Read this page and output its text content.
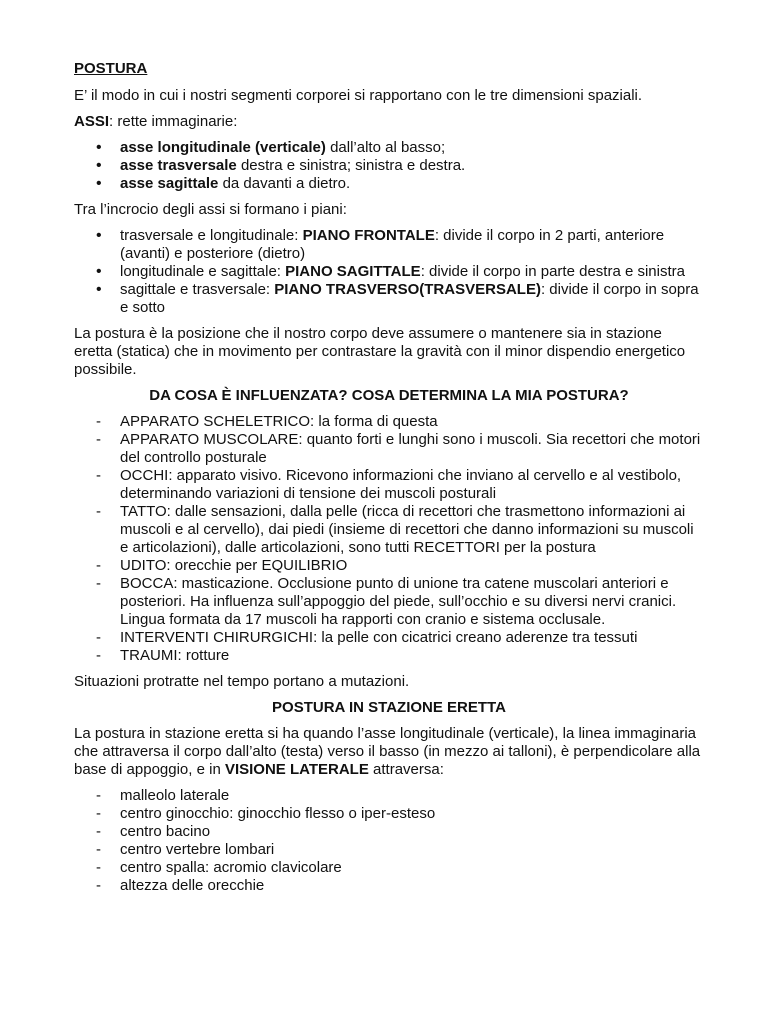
POSTURA

E’ il modo in cui i nostri segmenti corporei si rapportano con le tre dimensioni spaziali.

ASSI: rette immaginarie:

• asse longitudinale (verticale) dall’alto al basso;
• asse trasversale destra e sinistra; sinistra e destra.
• asse sagittale da davanti a dietro.

Tra l’incrocio degli assi si formano i piani:

• trasversale e longitudinale: PIANO FRONTALE: divide il corpo in 2 parti, anteriore (avanti) e posteriore (dietro)
• longitudinale e sagittale: PIANO SAGITTALE: divide il corpo in parte destra e sinistra
• sagittale e trasversale: PIANO TRASVERSO(TRASVERSALE): divide il corpo in sopra e sotto

La postura è la posizione che il nostro corpo deve assumere o mantenere sia in stazione eretta (statica) che in movimento per contrastare la gravità con il minor dispendio energetico possibile.

DA COSA È INFLUENZATA? COSA DETERMINA LA MIA POSTURA?
- APPARATO SCHELETRICO: la forma di questa
- APPARATO MUSCOLARE: quanto forti e lunghi sono i muscoli. Sia recettori che motori del controllo posturale
- OCCHI: apparato visivo. Ricevono informazioni che inviano al cervello e al vestibolo, determinando variazioni di tensione dei muscoli posturali
- TATTO: dalle sensazioni, dalla pelle (ricca di recettori che trasmettono informazioni ai muscoli e al cervello), dai piedi (insieme di recettori che danno informazioni su muscoli e articolazioni), dalle articolazioni, sono tutti RECETTORI per la postura
- UDITO: orecchie per EQUILIBRIO
- BOCCA: masticazione. Occlusione punto di unione tra catene muscolari anteriori e posteriori. Ha influenza sull’appoggio del piede, sull’occhio e su diversi nervi cranici. Lingua formata da 17 muscoli ha rapporti con cranio e sistema occlusale.
- INTERVENTI CHIRURGICHI: la pelle con cicatrici creano aderenze tra tessuti
- TRAUMI: rotture

Situazioni protratte nel tempo portano a mutazioni.

POSTURA IN STAZIONE ERETTA

La postura in stazione eretta si ha quando l’asse longitudinale (verticale), la linea immaginaria che attraversa il corpo dall’alto (testa) verso il basso (in mezzo ai talloni), è perpendicolare alla base di appoggio, e in VISIONE LATERALE attraversa:

- malleolo laterale
- centro ginocchio: ginocchio flesso o iper-esteso
- centro bacino
- centro vertebre lombari
- centro spalla: acromio clavicolare
- altezza delle orecchie
